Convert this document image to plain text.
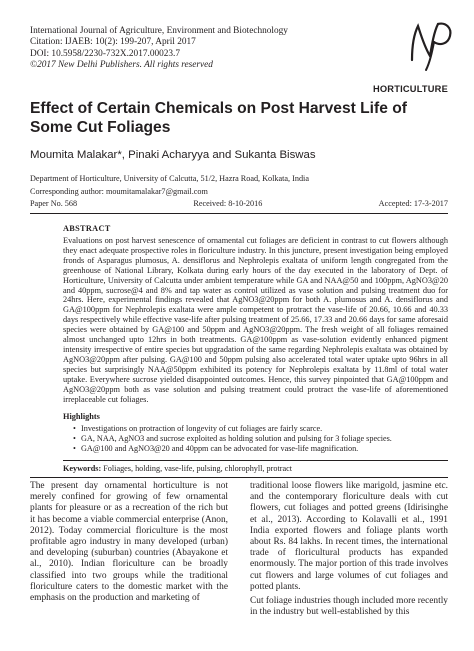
International Journal of Agriculture, Environment and Biotechnology
Citation: IJAEB: 10(2): 199-207, April 2017
DOI: 10.5958/2230-732X.2017.00023.7
©2017 New Delhi Publishers. All rights reserved
HORTICULTURE
Effect of Certain Chemicals on Post Harvest Life of Some Cut Foliages
Moumita Malakar*, Pinaki Acharyya and Sukanta Biswas
Department of Horticulture, University of Calcutta, 51/2, Hazra Road, Kolkata, India
Corresponding author: moumitamalakar7@gmail.com
Paper No. 568	Received: 8-10-2016	Accepted: 17-3-2017
ABSTRACT
Evaluations on post harvest senescence of ornamental cut foliages are deficient in contrast to cut flowers although they enact adequate prospective roles in floriculture industry. In this juncture, present investigation being employed fronds of Asparagus plumosus, A. densiflorus and Nephrolepis exaltata of uniform length congregated from the greenhouse of National Library, Kolkata during early hours of the day executed in the laboratory of Dept. of Horticulture, University of Calcutta under ambient temperature while GA and NAA@50 and 100ppm, AgNO3@20 and 40ppm, sucrose@4 and 8% and tap water as control utilized as vase solution and pulsing treatment duo for 24hrs. Here, experimental findings revealed that AgNO3@20ppm for both A. plumosus and A. densiflorus and GA@100ppm for Nephrolepis exaltata were ample competent to protract the vase-life of 20.66, 10.66 and 40.33 days respectively while effective vase-life after pulsing treatment of 25.66, 17.33 and 20.66 days for same aforesaid species were obtained by GA@100 and 50ppm and AgNO3@20ppm. The fresh weight of all foliages remained almost unchanged upto 12hrs in both treatments. GA@100ppm as vase-solution evidently enhanced pigment intensity irrespective of entire species but upgradation of the same regarding Nephrolepis exaltata was obtained by AgNO3@20ppm after pulsing. GA@100 and 50ppm pulsing also accelerated total water uptake upto 96hrs in all species but surprisingly NAA@50ppm exhibited its potency for Nephrolepis exaltata by 11.8ml of total water uptake. Everywhere sucrose yielded disappointed outcomes. Hence, this survey pinpointed that GA@100ppm and AgNO3@20ppm both as vase solution and pulsing treatment could protract the vase-life of aforementioned irreplaceable cut foliages.
Highlights
• Investigations on protraction of longevity of cut foliages are fairly scarce.
• GA, NAA, AgNO3 and sucrose exploited as holding solution and pulsing for 3 foliage species.
• GA@100 and AgNO3@20 and 40ppm can be advocated for vase-life magnification.
Keywords: Foliages, holding, vase-life, pulsing, chlorophyll, protract

The present day ornamental horticulture is not merely confined for growing of few ornamental plants for pleasure or as a recreation of the rich but it has become a viable commercial enterprise (Anon, 2012). Today commercial floriculture is the most profitable agro industry in many developed (urban) and developing (suburban) countries (Abayakone et al., 2010). Indian floriculture can be broadly classified into two groups while the traditional floriculture caters to the domestic market with the emphasis on the production and marketing of

traditional loose flowers like marigold, jasmine etc. and the contemporary floriculture deals with cut flowers, cut foliages and potted greens (Idirisinghe et al., 2013). According to Kolavalli et al., 1991 India exported flowers and foliage plants worth about Rs. 84 lakhs. In recent times, the international trade of floricultural products has expanded enormously. The major portion of this trade involves cut flowers and large volumes of cut foliages and potted plants.

Cut foliage industries though included more recently in the industry but well-established by this
